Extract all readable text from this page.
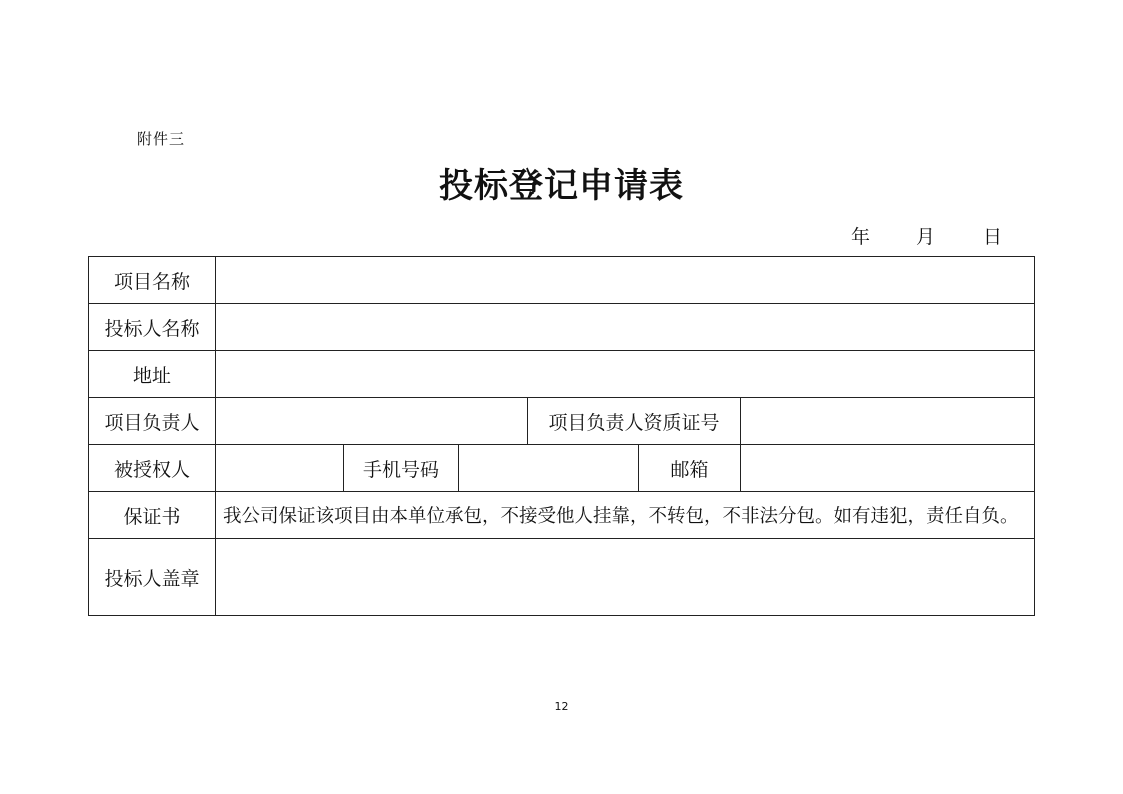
附件三
投标登记申请表
年 月	日
项目名称						
投标人名称						
地址						
项目负责人				项目负责人资质证号		
被授权人		手机号码			邮箱	
保证书	我公司保证该项目由本单位承包，不接受他人挂靠，不转包，不非法分包。如有违犯，责任自负。					
投标人盖章						
12
